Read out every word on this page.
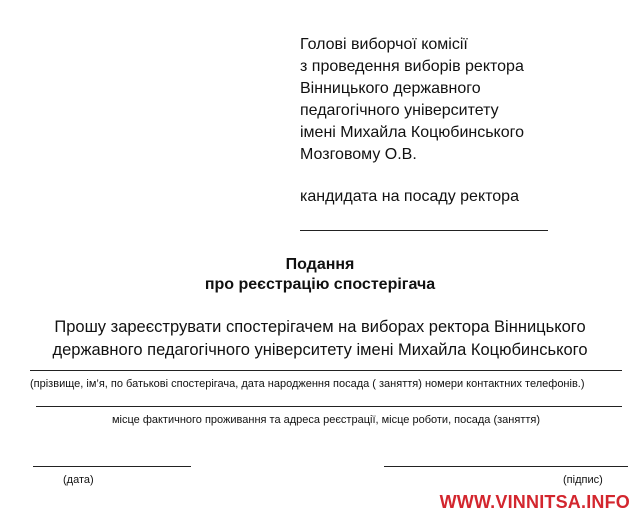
Голові виборчої комісії
з проведення виборів ректора
Вінницького державного
педагогічного університету
імені Михайла Коцюбинського
Мозговому О.В.
кандидата на посаду ректора
Подання
про реєстрацію спостерігача
Прошу зареєструвати спостерігачем на виборах ректора Вінницького
державного педагогічного університету імені Михайла Коцюбинського
(прізвище, ім’я, по батькові спостерігача, дата народження посада ( заняття) номери контактних телефонів.)
місце фактичного проживання та адреса реєстрації, місце роботи, посада (заняття)
(дата)	(підпис)
WWW.VINNITSA.INFO
